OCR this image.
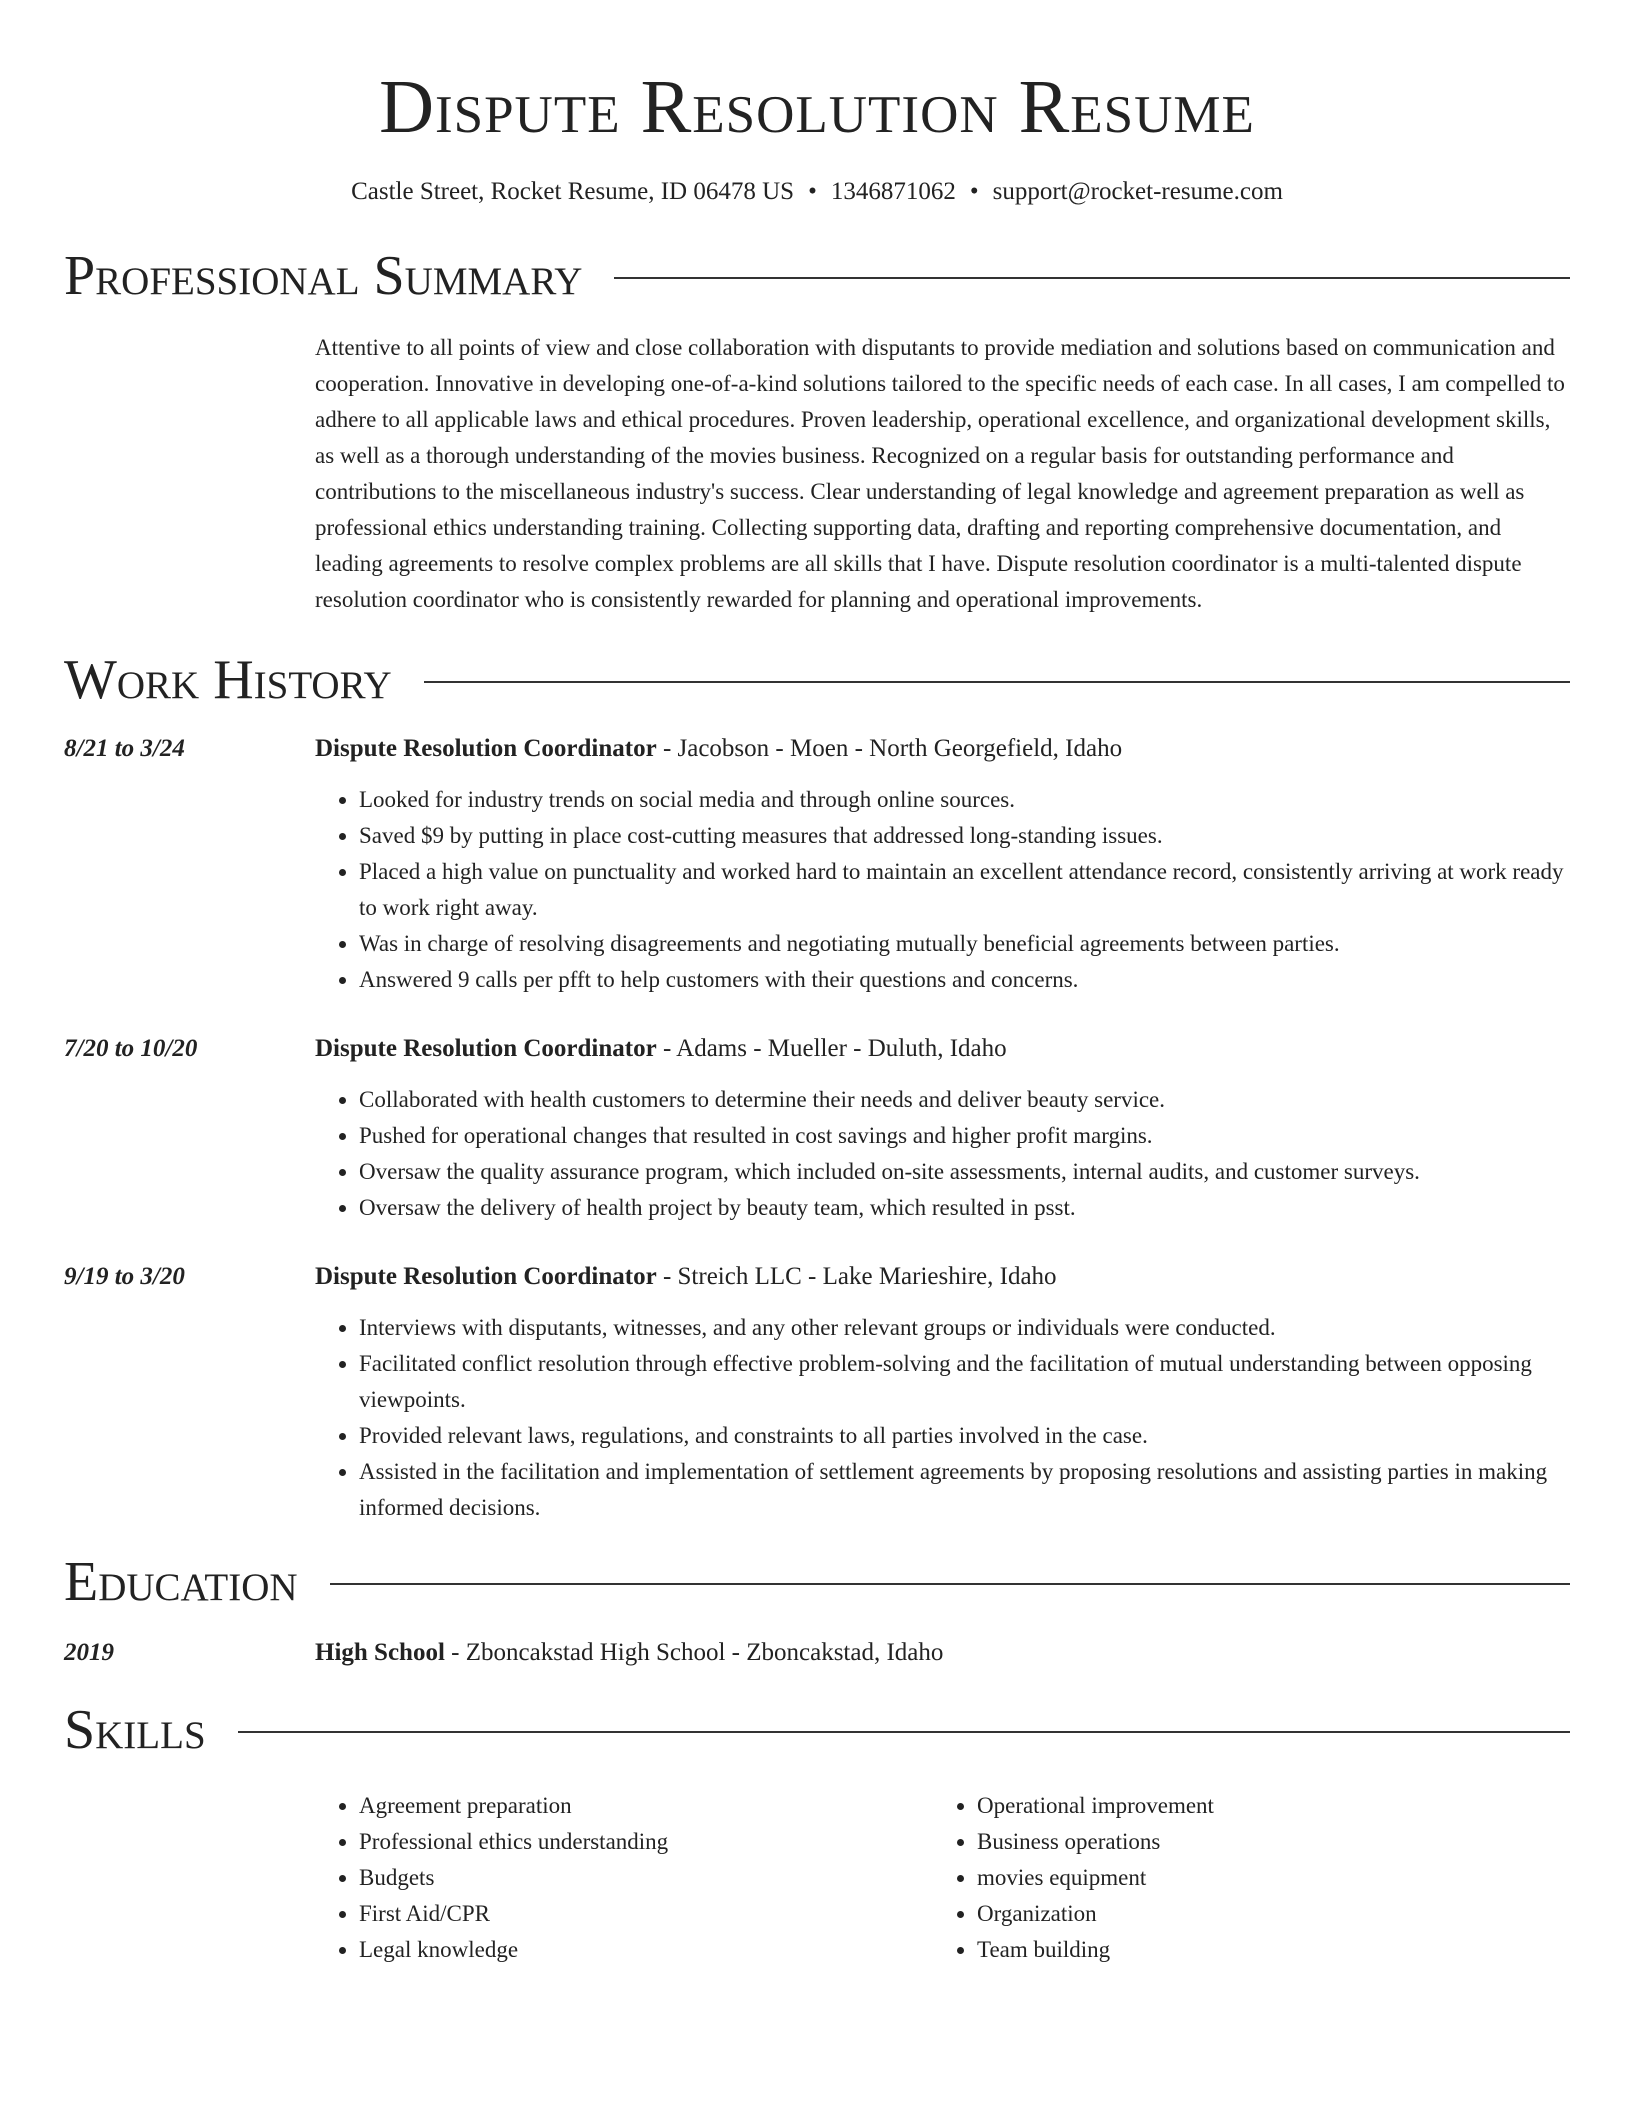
Dispute Resolution Resume
Castle Street, Rocket Resume, ID 06478 US • 1346871062 • support@rocket-resume.com
Professional Summary

Attentive to all points of view and close collaboration with disputants to provide mediation and solutions based on communication and cooperation. Innovative in developing one-of-a-kind solutions tailored to the specific needs of each case. In all cases, I am compelled to adhere to all applicable laws and ethical procedures. Proven leadership, operational excellence, and organizational development skills, as well as a thorough understanding of the movies business. Recognized on a regular basis for outstanding performance and contributions to the miscellaneous industry's success. Clear understanding of legal knowledge and agreement preparation as well as professional ethics understanding training. Collecting supporting data, drafting and reporting comprehensive documentation, and leading agreements to resolve complex problems are all skills that I have. Dispute resolution coordinator is a multi-talented dispute resolution coordinator who is consistently rewarded for planning and operational improvements.

Work History
8/21 to 3/24	Dispute Resolution Coordinator - Jacobson - Moen - North Georgefield, Idaho
• Looked for industry trends on social media and through online sources.
• Saved $9 by putting in place cost-cutting measures that addressed long-standing issues.
• Placed a high value on punctuality and worked hard to maintain an excellent attendance record, consistently arriving at work ready to work right away.
• Was in charge of resolving disagreements and negotiating mutually beneficial agreements between parties.
• Answered 9 calls per pfft to help customers with their questions and concerns.
7/20 to 10/20	Dispute Resolution Coordinator - Adams - Mueller - Duluth, Idaho
• Collaborated with health customers to determine their needs and deliver beauty service.
• Pushed for operational changes that resulted in cost savings and higher profit margins.
• Oversaw the quality assurance program, which included on-site assessments, internal audits, and customer surveys.
• Oversaw the delivery of health project by beauty team, which resulted in psst.
9/19 to 3/20	Dispute Resolution Coordinator - Streich LLC - Lake Marieshire, Idaho
• Interviews with disputants, witnesses, and any other relevant groups or individuals were conducted.
• Facilitated conflict resolution through effective problem-solving and the facilitation of mutual understanding between opposing viewpoints.
• Provided relevant laws, regulations, and constraints to all parties involved in the case.
• Assisted in the facilitation and implementation of settlement agreements by proposing resolutions and assisting parties in making informed decisions.
Education
2019	High School - Zboncakstad High School - Zboncakstad, Idaho
Skills
• Agreement preparation
• Professional ethics understanding
• Budgets
• First Aid/CPR
• Legal knowledge
• Operational improvement
• Business operations
• movies equipment
• Organization
• Team building
